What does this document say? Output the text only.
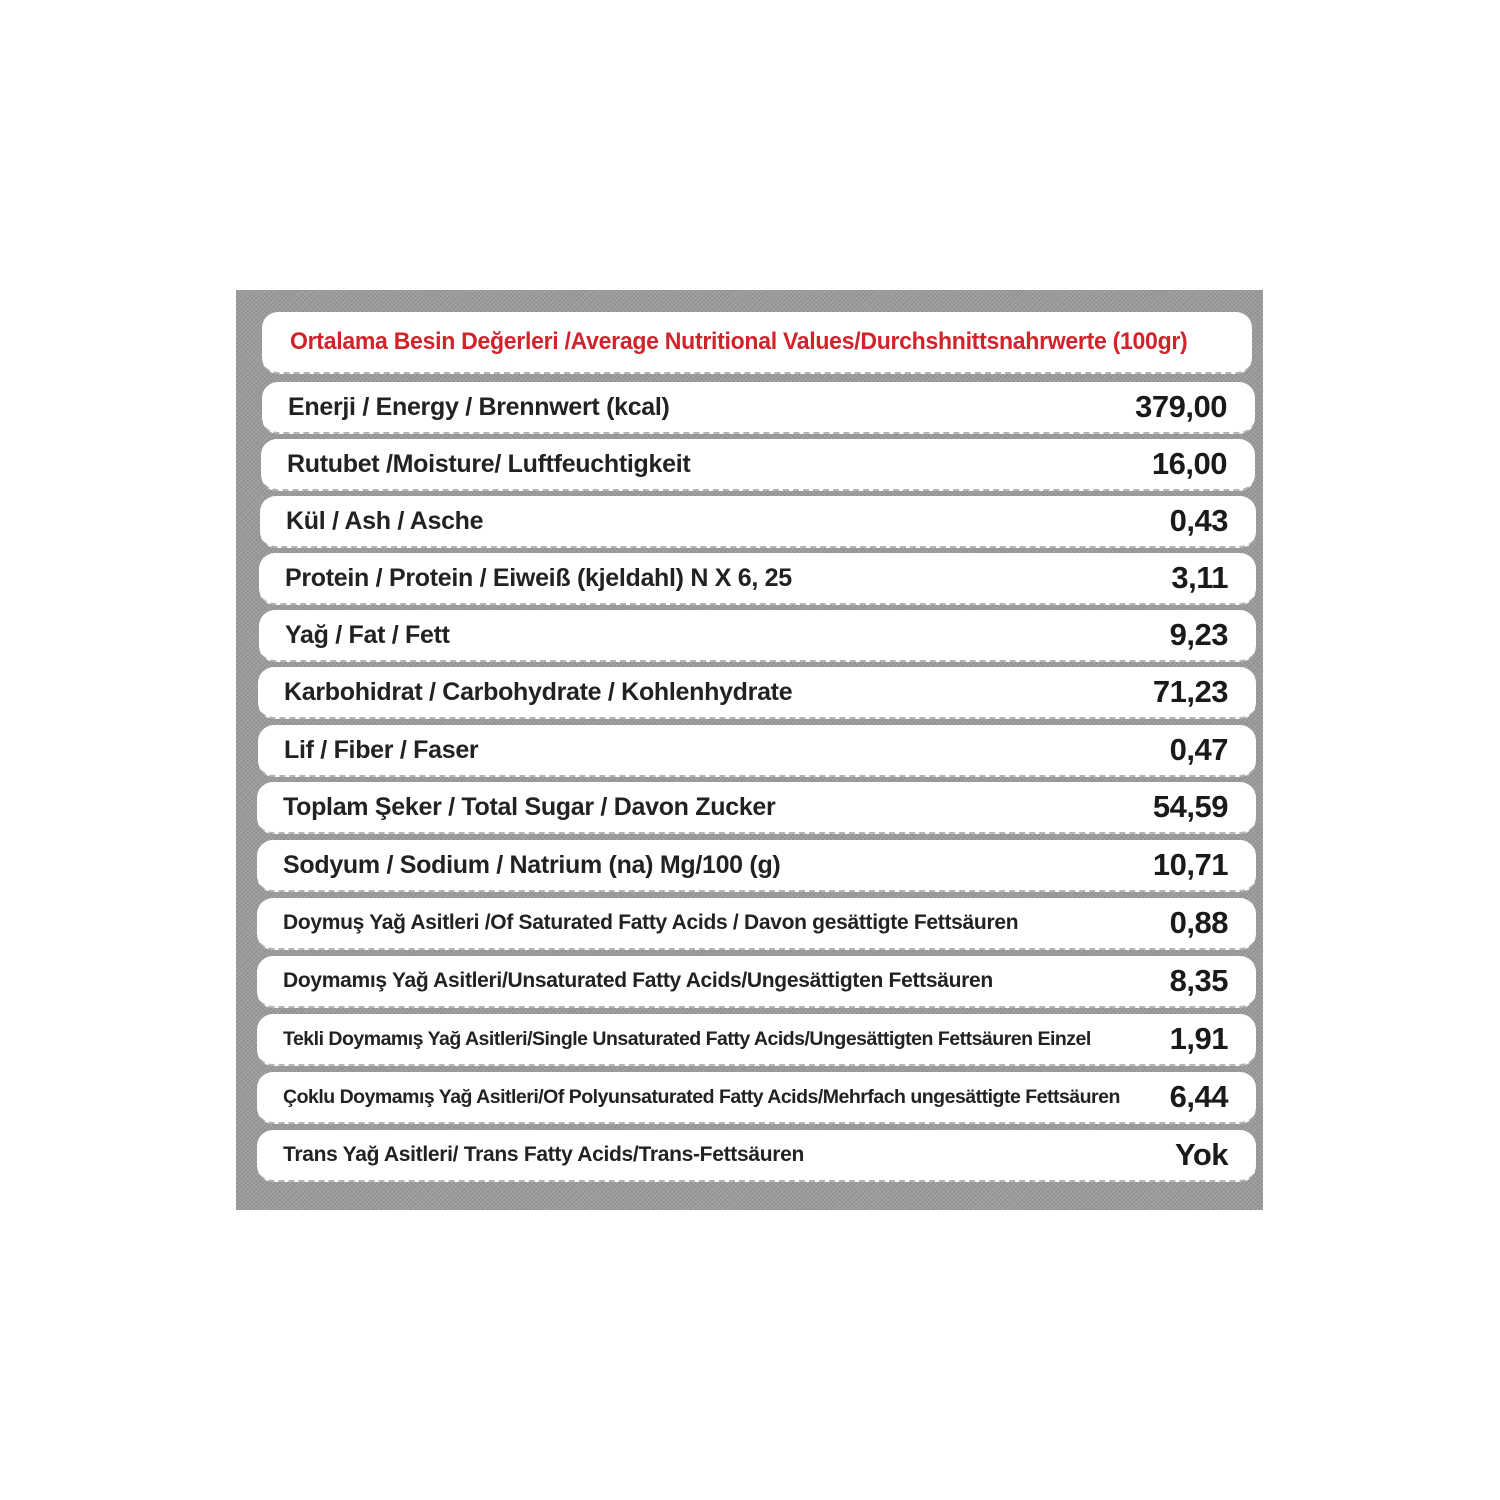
Ortalama Besin Değerleri /Average Nutritional Values/Durchshnittsnahrwerte (100gr)
Enerji / Energy / Brennwert (kcal)	379,00
Rutubet /Moisture/ Luftfeuchtigkeit	16,00
Kül / Ash / Asche	0,43
Protein / Protein / Eiweiß (kjeldahl) N X 6, 25	3,11
Yağ / Fat / Fett	9,23
Karbohidrat / Carbohydrate / Kohlenhydrate	71,23
Lif / Fiber / Faser	0,47
Toplam Şeker / Total Sugar / Davon Zucker	54,59
Sodyum / Sodium / Natrium (na) Mg/100 (g)	10,71
Doymuş Yağ Asitleri /Of Saturated Fatty Acids / Davon gesättigte Fettsäuren	0,88
Doymamış Yağ Asitleri/Unsaturated Fatty Acids/Ungesättigten Fettsäuren	8,35
Tekli Doymamış Yağ Asitleri/Single Unsaturated Fatty Acids/Ungesättigten Fettsäuren Einzel	1,91
Çoklu Doymamış Yağ Asitleri/Of Polyunsaturated Fatty Acids/Mehrfach ungesättigte Fettsäuren 6,44
Trans Yağ Asitleri/ Trans Fatty Acids/Trans-Fettsäuren	Yok
